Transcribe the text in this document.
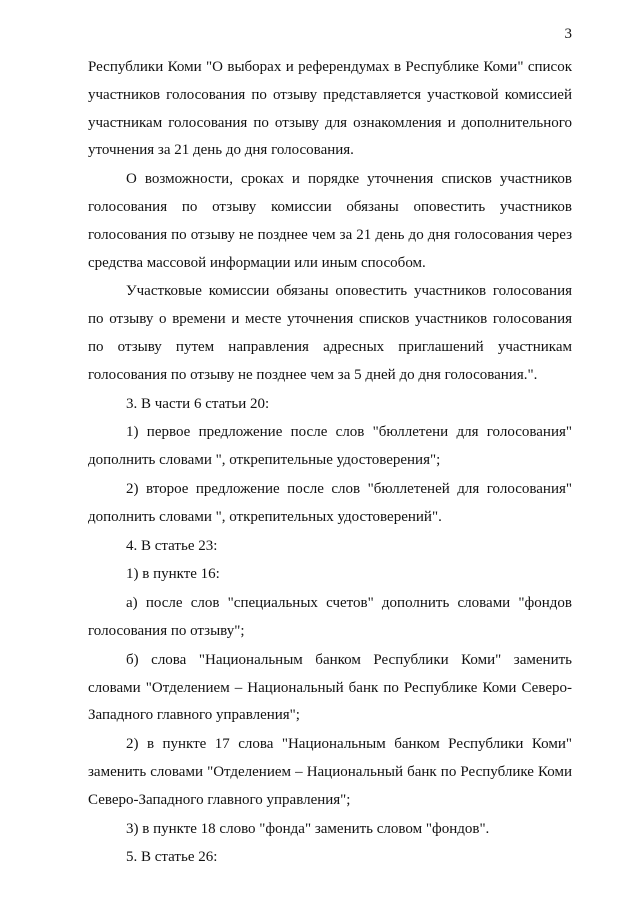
3

Республики Коми "О выборах и референдумах в Республике Коми" список участников голосования по отзыву представляется участковой комиссией участникам голосования по отзыву для ознакомления и дополнительного уточнения за 21 день до дня голосования.

О возможности, сроках и порядке уточнения списков участников голосования по отзыву комиссии обязаны оповестить участников голосования по отзыву не позднее чем за 21 день до дня голосования через средства массовой информации или иным способом.

Участковые комиссии обязаны оповестить участников голосования по отзыву о времени и месте уточнения списков участников голосования по отзыву путем направления адресных приглашений участникам голосования по отзыву не позднее чем за 5 дней до дня голосования.".

3. В части 6 статьи 20:

1) первое предложение после слов "бюллетени для голосования" дополнить словами ", открепительные удостоверения";

2) второе предложение после слов "бюллетеней для голосования" дополнить словами ", открепительных удостоверений".

4. В статье 23:

1) в пункте 16:

а) после слов "специальных счетов" дополнить словами "фондов голосования по отзыву";

б) слова "Национальным банком Республики Коми" заменить словами "Отделением – Национальный банк по Республике Коми Северо-Западного главного управления";

2) в пункте 17 слова "Национальным банком Республики Коми" заменить словами "Отделением – Национальный банк по Республике Коми Северо-Западного главного управления";

3) в пункте 18 слово "фонда" заменить словом "фондов".

5. В статье 26:
